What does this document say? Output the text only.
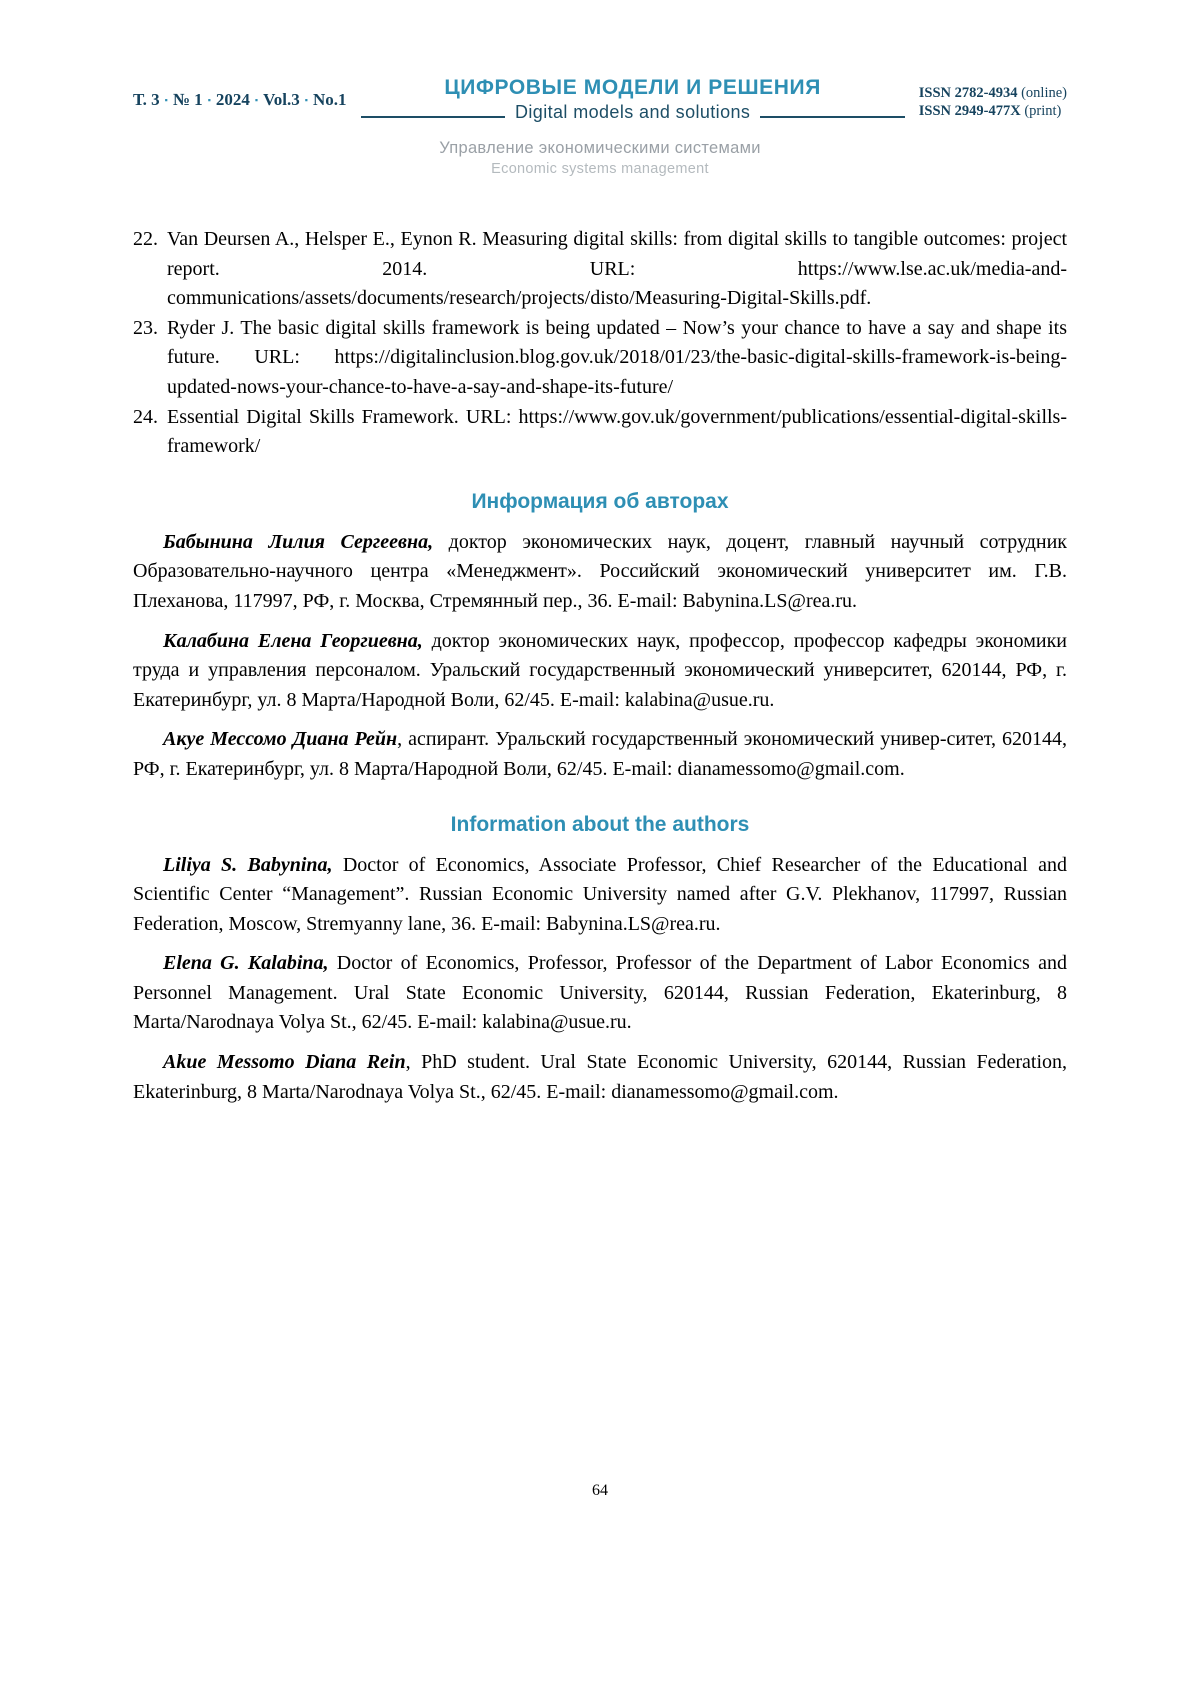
Т. 3 ▪ № 1 ▪ 2024 ▪ Vol.3 ▪ No.1
ЦИФРОВЫЕ МОДЕЛИ И РЕШЕНИЯ
Digital models and solutions
ISSN 2782-4934 (online)
ISSN 2949-477X (print)
Управление экономическими системами
Economic systems management
22. Van Deursen A., Helsper E., Eynon R. Measuring digital skills: from digital skills to tangible outcomes: project report. 2014. URL: https://www.lse.ac.uk/media-and-communications/assets/documents/research/projects/disto/Measuring-Digital-Skills.pdf.
23. Ryder J. The basic digital skills framework is being updated – Now’s your chance to have a say and shape its future. URL: https://digitalinclusion.blog.gov.uk/2018/01/23/the-basic-digital-skills-framework-is-being-updated-nows-your-chance-to-have-a-say-and-shape-its-future/
24. Essential Digital Skills Framework. URL: https://www.gov.uk/government/publications/essential-digital-skills-framework/
Информация об авторах

Бабынина Лилия Сергеевна, доктор экономических наук, доцент, главный научный сотрудник Образовательно-научного центра «Менеджмент». Российский экономический университет им. Г.В. Плеханова, 117997, РФ, г. Москва, Стремянный пер., 36. E-mail: Babynina.LS@rea.ru.

Калабина Елена Георгиевна, доктор экономических наук, профессор, профессор кафедры экономики труда и управления персоналом. Уральский государственный экономический университет, 620144, РФ, г. Екатеринбург, ул. 8 Марта/Народной Воли, 62/45. E-mail: kalabina@usue.ru.

Акуе Мессомо Диана Рейн, аспирант. Уральский государственный экономический универ-ситет, 620144, РФ, г. Екатеринбург, ул. 8 Марта/Народной Воли, 62/45. E-mail: dianamessomo@gmail.com.

Information about the authors

Liliya S. Babynina, Doctor of Economics, Associate Professor, Chief Researcher of the Educational and Scientific Center “Management”. Russian Economic University named after G.V. Plekhanov, 117997, Russian Federation, Moscow, Stremyanny lane, 36. E-mail: Babynina.LS@rea.ru.

Elena G. Kalabina, Doctor of Economics, Professor, Professor of the Department of Labor Economics and Personnel Management. Ural State Economic University, 620144, Russian Federation, Ekaterinburg, 8 Marta/Narodnaya Volya St., 62/45. E-mail: kalabina@usue.ru.

Akue Messomo Diana Rein, PhD student. Ural State Economic University, 620144, Russian Federation, Ekaterinburg, 8 Marta/Narodnaya Volya St., 62/45. E-mail: dianamessomo@gmail.com.

64
